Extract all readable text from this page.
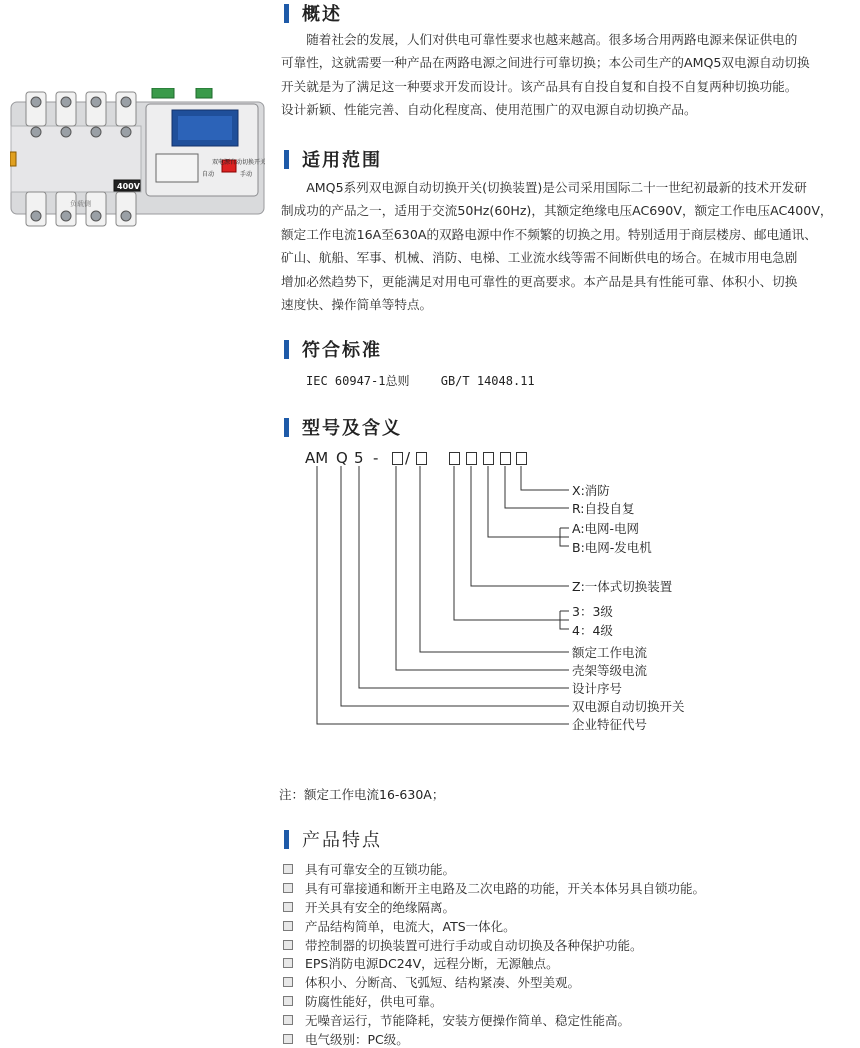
双电源自动切换开关
自动	手动
400V
负载侧
概述

　　随着社会的发展，人们对供电可靠性要求也越来越高。很多场合用两路电源来保证供电的

可靠性，这就需要一种产品在两路电源之间进行可靠切换；本公司生产的AMQ5双电源自动切换

开关就是为了满足这一种要求开发而设计。该产品具有自投自复和自投不自复两种切换功能。

设计新颖、性能完善、自动化程度高、使用范围广的双电源自动切换产品。

适用范围

　　AMQ5系列双电源自动切换开关(切换装置)是公司采用国际二十一世纪初最新的技术开发研

制成功的产品之一，适用于交流50Hz(60Hz)，其额定绝缘电压AC690V，额定工作电压AC400V，

额定工作电流16A至630A的双路电源中作不频繁的切换之用。特别适用于商层楼房、邮电通讯、

矿山、航船、军事、机械、消防、电梯、工业流水线等需不间断供电的场合。在城市用电急剧

增加必然趋势下，更能满足对用电可靠性的更高要求。本产品是具有性能可靠、体积小、切换

速度快、操作简单等特点。

符合标准
IEC 60947-1总则	GB/T 14048.11
型号及含义
AM Q 5 - /
X:消防
R:自投自复
A:电网-电网
B:电网-发电机
Z:一体式切换装置
3：3级
4：4级
额定工作电流
壳架等级电流
设计序号
双电源自动切换开关
企业特征代号
注：额定工作电流16-630A；
产品特点
具有可靠安全的互锁功能。
具有可靠接通和断开主电路及二次电路的功能，开关本体另具自锁功能。
开关具有安全的绝缘隔离。
产品结构简单，电流大，ATS一体化。
带控制器的切换装置可进行手动或自动切换及各种保护功能。
EPS消防电源DC24V，远程分断，无源触点。
体积小、分断高、飞弧短、结构紧凑、外型美观。
防腐性能好，供电可靠。
无噪音运行，节能降耗，安装方便操作简单、稳定性能高。
电气级别：PC级。
